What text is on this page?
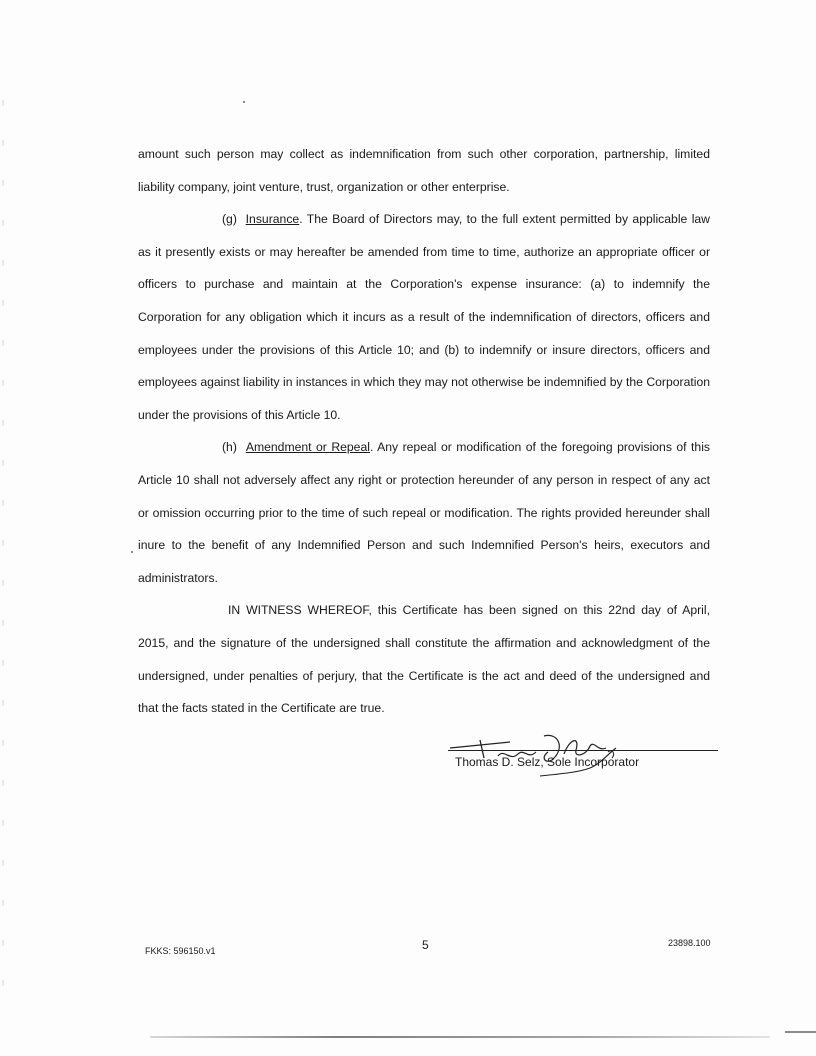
amount such person may collect as indemnification from such other corporation, partnership, limited liability company, joint venture, trust, organization or other enterprise.

(g) Insurance. The Board of Directors may, to the full extent permitted by applicable law as it presently exists or may hereafter be amended from time to time, authorize an appropriate officer or officers to purchase and maintain at the Corporation's expense insurance: (a) to indemnify the Corporation for any obligation which it incurs as a result of the indemnification of directors, officers and employees under the provisions of this Article 10; and (b) to indemnify or insure directors, officers and employees against liability in instances in which they may not otherwise be indemnified by the Corporation under the provisions of this Article 10.

(h) Amendment or Repeal. Any repeal or modification of the foregoing provisions of this Article 10 shall not adversely affect any right or protection hereunder of any person in respect of any act or omission occurring prior to the time of such repeal or modification. The rights provided hereunder shall inure to the benefit of any Indemnified Person and such Indemnified Person's heirs, executors and administrators.

IN WITNESS WHEREOF, this Certificate has been signed on this 22nd day of April, 2015, and the signature of the undersigned shall constitute the affirmation and acknowledgment of the undersigned, under penalties of perjury, that the Certificate is the act and deed of the undersigned and that the facts stated in the Certificate are true.

Thomas D. Selz, Sole Incorporator
FKKS: 596150.v1	5	23898.100
